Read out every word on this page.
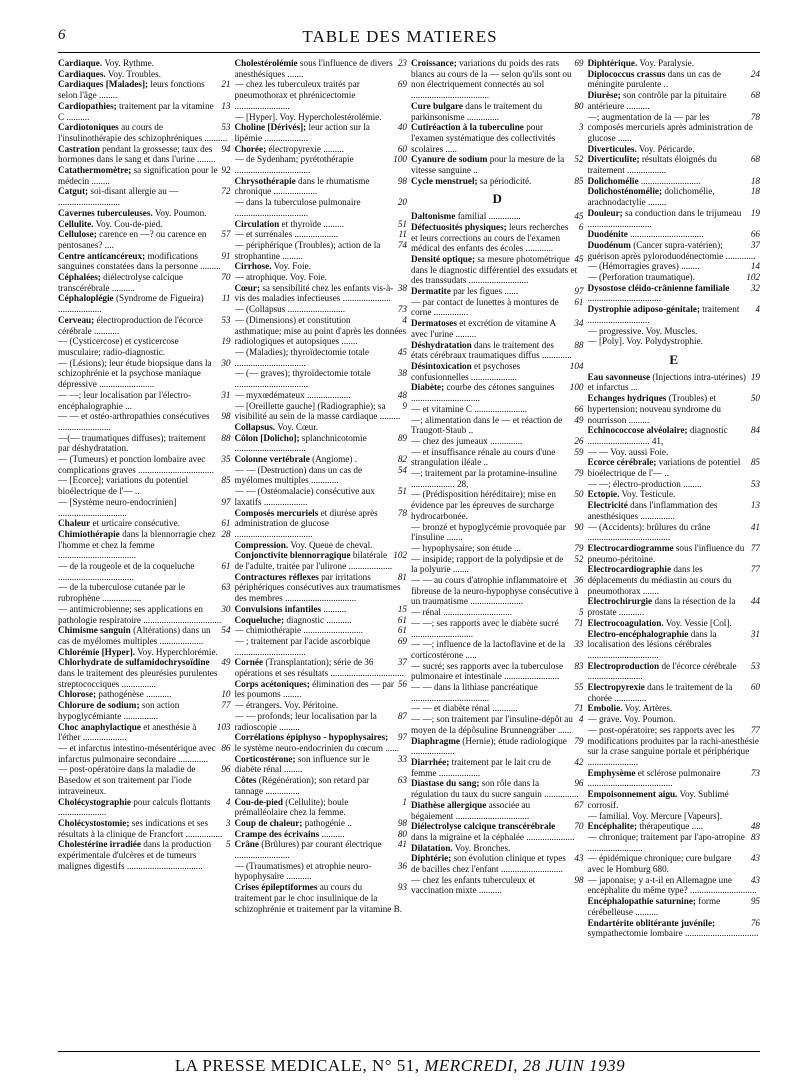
6	TABLE DES MATIERES
Cardiaque. Voy. Rythme.
Cardiaques. Voy. Troubles.
21
Cardiaques [Malades]; leurs fonctions selon l'âge ........
13
Cardiopathies; traitement par la vitamine C ..........
53
Cardiotoniques au cours de l'insulinothérapie des schizophréniques ..........
94
Castration pendant la grossesse; taux des hormones dans le sang et dans l'urine ........
92
Catathermomètre; sa signification pour le médecin ........
72
Catgut; soi-disant allergie au — ...........................
Cavernes tuberculeuses. Voy. Poumon.
Cellulite. Voy. Cou-de-pied.
57
Cellulose; carence en —? ou carence en pentosanes? ....
91
Centre anticancéreux; modifications sanguines constatées dans la personne .........
70
Céphalées; diélectrolyse calcique transcérébrale ..........
11
Céphaloplégie (Syndrome de Figueira) ...................
53
Cerveau; électroproduction de l'écorce cérébrale ...........
19
— (Cysticercose) et cysticercose musculaire; radio-diagnostic.
30
— (Lésions); leur étude biopsique dans la schizophrénie et la psychose maniaque dépressive ........................
31
— —; leur localisation par l'électro-encéphalographie ...
98
— — et ostéo-arthropathies consécutives .......................
88
—(— traumatiques diffuses); traitement par déshydratation.
35
— (Tumeurs) et ponction lombaire avec complications graves .................................
85
— [Ecorce]; variations du potentiel bioélectrique de l'— ..
97
— [Système neuro-endocrinien] ..............................
61
Chaleur et urticaire consécutive.
28
Chimiothérapie dans la blennorragie chez l'homme et chez la femme ..................................
61
— de la rougeole et de la coqueluche .................................
63
— de la tuberculose cutanée par le rubrophène .................
30
— antimicrobienne; ses applications en pathologie respiratoire ..................................
54
Chimisme sanguin (Altérations) dans un cas de myélomes multiples ...................
Chlorémie [Hyper]. Voy. Hyperchlorémie.
49
Chlorhydrate de sulfamidochrysoïdine dans le traitement des pleurésies purulentes streptococciques ...............
10
Chlorose; pathogénèse ...........
77
Chlorure de sodium; son action hypoglycémiante ...............
103
Choc anaphylactique et anesthésie à l'éther ...................
86
— et infarctus intestino-mésentérique avec infarctus pulmonaire secondaire .............
96
— post-opératoire dans la maladie de Basedow et son traitement par l'iode intraveineux.
4
Cholécystographie pour calculs flottants .....................
3
Cholécystostomie; ses indications et ses résultats à la clinique de Francfort ................
5
Cholestérine irradiée dans la production expérimentale d'ulcères et de tumeurs malignes digestifs .................................
23
Cholestérolémie sous l'influence de divers anesthésiques .......
69
— chez les tuberculeux traités par pneumothorax et phrénicectomie ........................
— [Hyper]. Voy. Hypercholestérolémie.
40
Choline [Dérivés]; leur action sur la lipémie ...................
60
Chorée; électropyrexie .........
100
— de Sydenham; pyrétothérapie .................................
98
Chrysothérapie dans le rhumatisme chronique ...................
20
— dans la tuberculose pulmonaire ................................
51
Circulation et thyroïde .........
11
— et surrénales ...................
74
— périphérique (Troubles); action de la strophantine .........
Cirrhose. Voy. Foie.
— atrophique. Voy. Foie.
38
Cœur; sa sensibilité chez les enfants vis-à-vis des maladies infectieuses .....................
73
— (Collapsus .........................
4
— (Dimensions) et constitution asthmatique; mise au point d'après les données radiologiques et autopsiques .......
45
— (Maladies); thyroïdectomie totale ...............................
38
— (— graves); thyroïdectomie totale ................................
48
— myxœdémateux ...................
9
— [Oreillette gauche] (Radiographie); sa visibilité au sein de la masse cardiaque .........
Collapsus. Voy. Cœur.
89
Côlon [Dolicho]; splanchnicotomie ...............................
82
Colonne vertébrale (Angiome) .
54
— — (Destruction) dans un cas de myélomes multiples ............
51
— — (Ostéomalacie) consécutive aux laxatifs ...................
78
Composés mercuriels et diurèse après administration de glucose ..................................
Compression. Voy. Queue de cheval.
102
Conjonctivite blennorragique bilatérale de l'adulte, traitée par l'ulirone ...................
81
Contractures réflexes par irritations périphériques consécutives aux traumatismes des membres ...............................
15
Convulsions infantiles ..........
61
Coqueluche; diagnostic ...........
61
— chimiothérapie ..........................
69
— ; traitement par l'acide ascorbique ...............................
37
Cornée (Transplantation); série de 36 opérations et ses résultats ................................
56
Corps acétoniques; élimination des — par les poumons ........
— étrangers. Voy. Péritoine.
87
— — profonds; leur localisation par la radioscopie .........
97
Corrélations épiphyso - hypophysaires; le système neuro-endocrinien du cœcum ......
33
Corticostérone; son influence sur le diabète rénal ........
63
Côtes (Régénération); son retard par tannage ...............
1
Cou-de-pied (Cellulite); boule prémalléolaire chez la femme.
98
Coup de chaleur; pathogénie ..
80
Crampe des écrivains ..........
41
Crâne (Brûlures) par courant électrique ........................
36
— (Traumatismes) et atrophie neuro-hypophysaire ...........
93
Crises épileptiformes au cours du traitement par le choc insulinique de la schizophrénie et traitement par la vitamine B.
69
Croissance; variations du poids des rats blancs au cours de la — selon qu'ils sont ou non électriquement connectés au sol ..................................
80
Cure bulgare dans le traitement du parkinsonisme ..............
3
Cutiréaction à la tuberculine pour l'examen systématique des collectivités scolaires .....
52
Cyanure de sodium pour la mesure de la vitesse sanguine ..
85
Cycle menstruel; sa périodicité.
D
45
Daltonisme familial ..............
6
Défectuosités physiques; leurs recherches et leurs corrections au cours de l'examen médical des enfants des écoles ............
45
Densité optique; sa mesure photométrique dans le diagnostic différentiel des exsudats et des transsudats ..........................
97
Dermatite par les figues ......
61
— par contact de lunettes à montures de corne ...............
34
Dermatoses et excrétion de vitamine A avec l'urine .........
88
Déshydratation dans le traitement des états cérébraux traumatiques diffus .............
104
Désintoxication et psychoses confusionnelles ....................
100
Diabète; courbe des cétones sanguines ..............................
66
— et vitamine C .......................
49
—; alimentation dans le — et réaction de Traugott-Staub ..
26
— chez des jumeaux ..............
59
— et insuffisance rénale au cours d'une strangulation iléale ..
79
—; traitement par la protamine-insuline ................... 28,
50
— (Prédisposition héréditaire); mise en évidence par les épreuves de surcharge hydrocarbonée.
90
— bronzé et hypoglycémie provoquée par l'insuline .......
79
— hypophysaire; son étude ...
52
— insipide; rapport de la polydipsie et de la polyurie .......
36
— — au cours d'atrophie inflammatoire et fibreuse de la neuro-hypophyse consécutive à un traumatisme .......................
5
— rénal ..............................
71
— —; ses rapports avec le diabète sucré ...........................
33
— —; influence de la lactoflavine et de la corticostérone .....
83
— sucré; ses rapports avec la tuberculose pulmonaire et intestinale ........................
55
— — dans la lithiase pancréatique ..................................
71
— — et diabète rénal ...........
4
— —; son traitement par l'insuline-dépôt au moyen de la dépôsuline Brunnengräber ......
79
Diaphragme (Hernie); étude radiologique ...................
42
Diarrhée; traitement par le lait cru de femme ..................
96
Diastase du sang; son rôle dans la régulation du taux du sucre sanguin ...............
67
Diathèse allergique associée au bégaiement ................................
70
Diélectrolyse calcique transcérébrale dans la migraine et la céphalée .....................
Dilatation. Voy. Bronches.
43
Diphtérie; son évolution clinique et types de bacilles chez l'enfant ...........................
98
— chez les enfants tuberculeux et vaccination mixte ..........
Diphtérique. Voy. Paralysie.
24
Diplococcus crassus dans un cas de méningite purulente ..
68
Diurèse; son contrôle par la pituitaire antérieure ..........
78
—; augmentation de la — par les composés mercuriels après administration de glucose ......
Diverticules. Voy. Péricarde.
68
Diverticulite; résultats éloignés du traitement .................
18
Dolichomélie ..........................
18
Dolichosténomélie; dolichomélie, arachnodactylie ........
19
Douleur; sa conduction dans le trijumeau ............................
66
Duodénite ................................
37
Duodénum (Cancer supra-vatérien); guérison après pyloroduodénectomie .............
14
— (Hémorragies graves) ........
102
— (Perforation traumatique).
32
Dysostose cléido-crânienne familiale ................................
4
Dystrophie adiposo-génitale; traitement ...........................
— progressive. Voy. Muscles.
— [Poly]. Voy. Polydystrophie.
E
19
Eau savonneuse (Injections intra-utérines) et infarctus ...
50
Echanges hydriques (Troubles) et hypertension; nouveau syndrome du nourrisson .........
84
Echinococcose alvéolaire; diagnostic ........................... 41,
— — Voy. aussi Foie.
85
Ecorce cérébrale; variations de potentiel bioélectrique de l'— ..
53
— —; électro-production ........
Ectopie. Voy. Testicule.
13
Electricité dans l'inflammation des anesthésiques ...............
41
— (Accidents): brûlures du crâne ....................................
77
Electrocardiogramme sous l'influence du pneumo-péritoine.
77
Electrocardiographie dans les déplacements du médiastin au cours du pneumothorax .......
44
Electrochirurgie dans la résection de la prostate ...........
Electrocoagulation. Voy. Vessie [Col].
31
Electro-encéphalographie dans la localisation des lésions cérébrales ...............................
53
Electroproduction de l'écorce cérébrale ........................
60
Electropyrexie dans le traitement de la chorée ..............
Embolie. Voy. Artères.
— grave. Voy. Poumon.
77
— post-opératoire; ses rapports avec les modifications produites par la rachi-anesthésie sur la crase sanguine portale et périphérique ......................
73
Emphysème et sclérose pulmonaire .....................................
Empoisonnement aigu. Voy. Sublimé corrosif.
— familial. Voy. Mercure [Vapeurs].
48
Encéphalite; thérapeutique .....
83
— chronique; traitement par l'apo-atropine ........................
43
— épidémique chronique; cure bulgare avec le Homburg 680.
43
— japonaise; y a-t-il en Allemagne une encéphalite du même type? .............................
95
Encéphalopathie saturnine; forme cérébelleuse ..........
76
Endartérite oblitérante juvénile; sympathectomie lombaire ................................
LA PRESSE MEDICALE, N° 51, MERCREDI, 28 JUIN 1939
